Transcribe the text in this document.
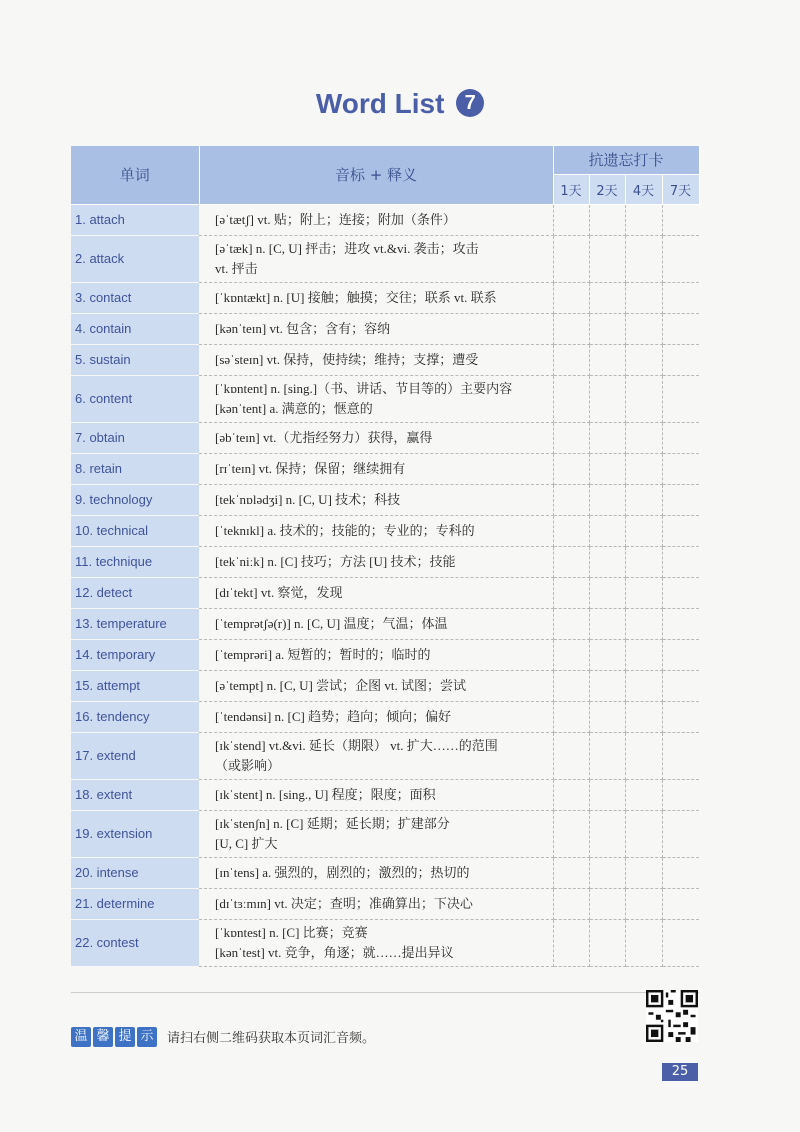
Word List 7
单词	音标 + 释义	抗遗忘打卡			
		1天	2天	4天	7天
1. attach	[əˈtætʃ] vt. 贴；附上；连接；附加（条件）				

2. attack	[əˈtæk] n. [C, U] 抨击；进攻 vt.&vi. 袭击；攻击
vt. 抨击				

3. contact	[ˈkɒntækt] n. [U] 接触；触摸；交往；联系 vt. 联系				

4. contain	[kənˈteɪn] vt. 包含；含有；容纳				

5. sustain	[səˈsteɪn] vt. 保持，使持续；维持；支撑；遭受				

6. content	[ˈkɒntent] n. [sing.]（书、讲话、节目等的）主要内容
[kənˈtent] a. 满意的；惬意的				

7. obtain	[əbˈteɪn] vt.（尤指经努力）获得，赢得				

8. retain	[rɪˈteɪn] vt. 保持；保留；继续拥有				

9. technology	[tekˈnɒlədʒi] n. [C, U] 技术；科技				

10. technical	[ˈteknɪkl] a. 技术的；技能的；专业的；专科的				

11. technique	[tekˈniːk] n. [C] 技巧；方法 [U] 技术；技能				

12. detect	[dɪˈtekt] vt. 察觉，发现				

13. temperature	[ˈtemprətʃə(r)] n. [C, U] 温度；气温；体温				

14. temporary	[ˈtemprəri] a. 短暂的；暂时的；临时的				

15. attempt	[əˈtempt] n. [C, U] 尝试；企图 vt. 试图；尝试				

16. tendency	[ˈtendənsi] n. [C] 趋势；趋向；倾向；偏好				

17. extend	[ɪkˈstend] vt.&vi. 延长（期限） vt. 扩大……的范围
（或影响）				

18. extent	[ɪkˈstent] n. [sing., U] 程度；限度；面积				

19. extension	[ɪkˈstenʃn] n. [C] 延期；延长期；扩建部分
[U, C] 扩大				

20. intense	[ɪnˈtens] a. 强烈的，剧烈的；激烈的；热切的				

21. determine	[dɪˈtɜːmɪn] vt. 决定；查明；准确算出；下决心				

22. contest	[ˈkɒntest] n. [C] 比赛；竞赛
[kənˈtest] vt. 竞争，角逐；就……提出异议				

温 馨 提 示	请扫右侧二维码获取本页词汇音频。
25
